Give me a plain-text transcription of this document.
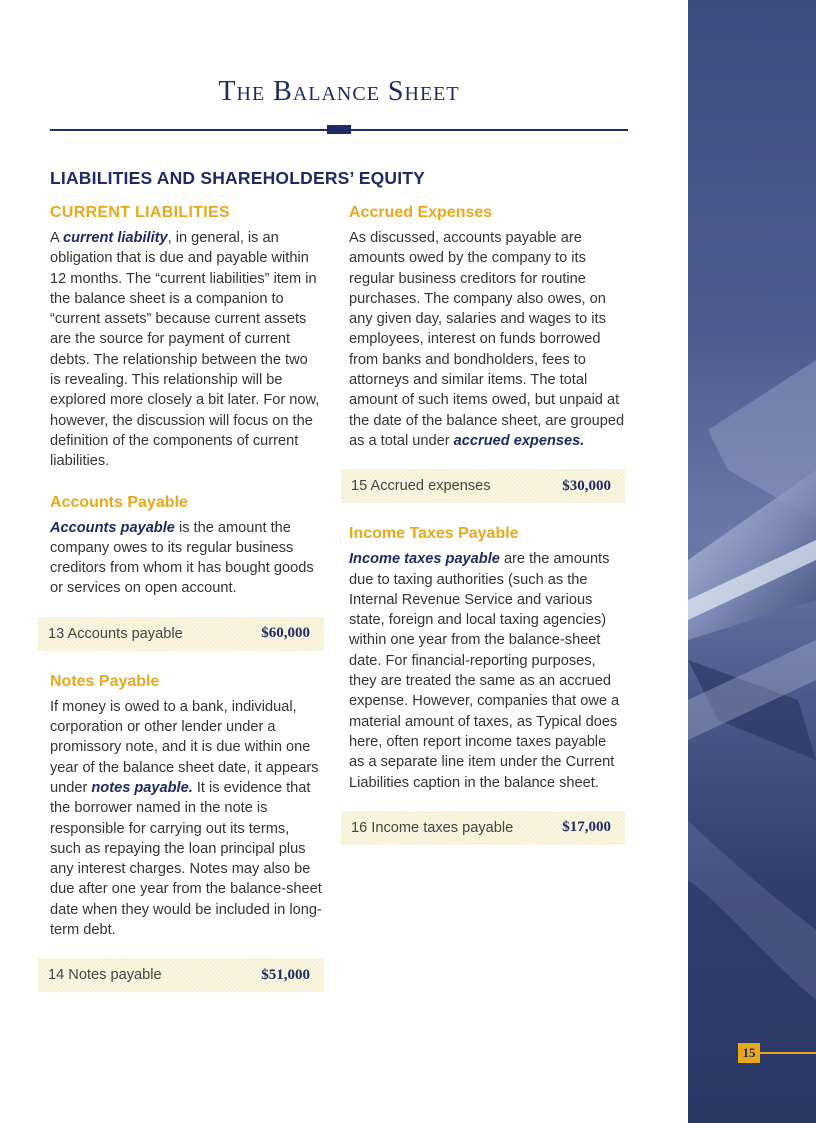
The Balance Sheet
LIABILITIES AND SHAREHOLDERS’ EQUITY
CURRENT LIABILITIES

A current liability, in general, is an obligation that is due and payable within 12 months. The “current liabilities” item in the balance sheet is a companion to “current assets” because current assets are the source for payment of current debts. The relationship between the two is revealing. This relationship will be explored more closely a bit later. For now, however, the discussion will focus on the definition of the components of current liabilities.

Accounts Payable

Accounts payable is the amount the company owes to its regular business creditors from whom it has bought goods or services on open account.

13 Accounts payable	$60,000
Notes Payable

If money is owed to a bank, individual, corporation or other lender under a promissory note, and it is due within one year of the balance sheet date, it appears under notes payable. It is evidence that the borrower named in the note is responsible for carrying out its terms, such as repaying the loan principal plus any interest charges. Notes may also be due after one year from the balance-sheet date when they would be included in long-term debt.

14 Notes payable	$51,000
Accrued Expenses

As discussed, accounts payable are amounts owed by the company to its regular business creditors for routine purchases. The company also owes, on any given day, salaries and wages to its employees, interest on funds borrowed from banks and bondholders, fees to attorneys and similar items. The total amount of such items owed, but unpaid at the date of the balance sheet, are grouped as a total under accrued expenses.

15 Accrued expenses	$30,000
Income Taxes Payable

Income taxes payable are the amounts due to taxing authorities (such as the Internal Revenue Service and various state, foreign and local taxing agencies) within one year from the balance-sheet date. For financial-reporting purposes, they are treated the same as an accrued expense. However, companies that owe a material amount of taxes, as Typical does here, often report income taxes payable as a separate line item under the Current Liabilities caption in the balance sheet.

16 Income taxes payable	$17,000
15
